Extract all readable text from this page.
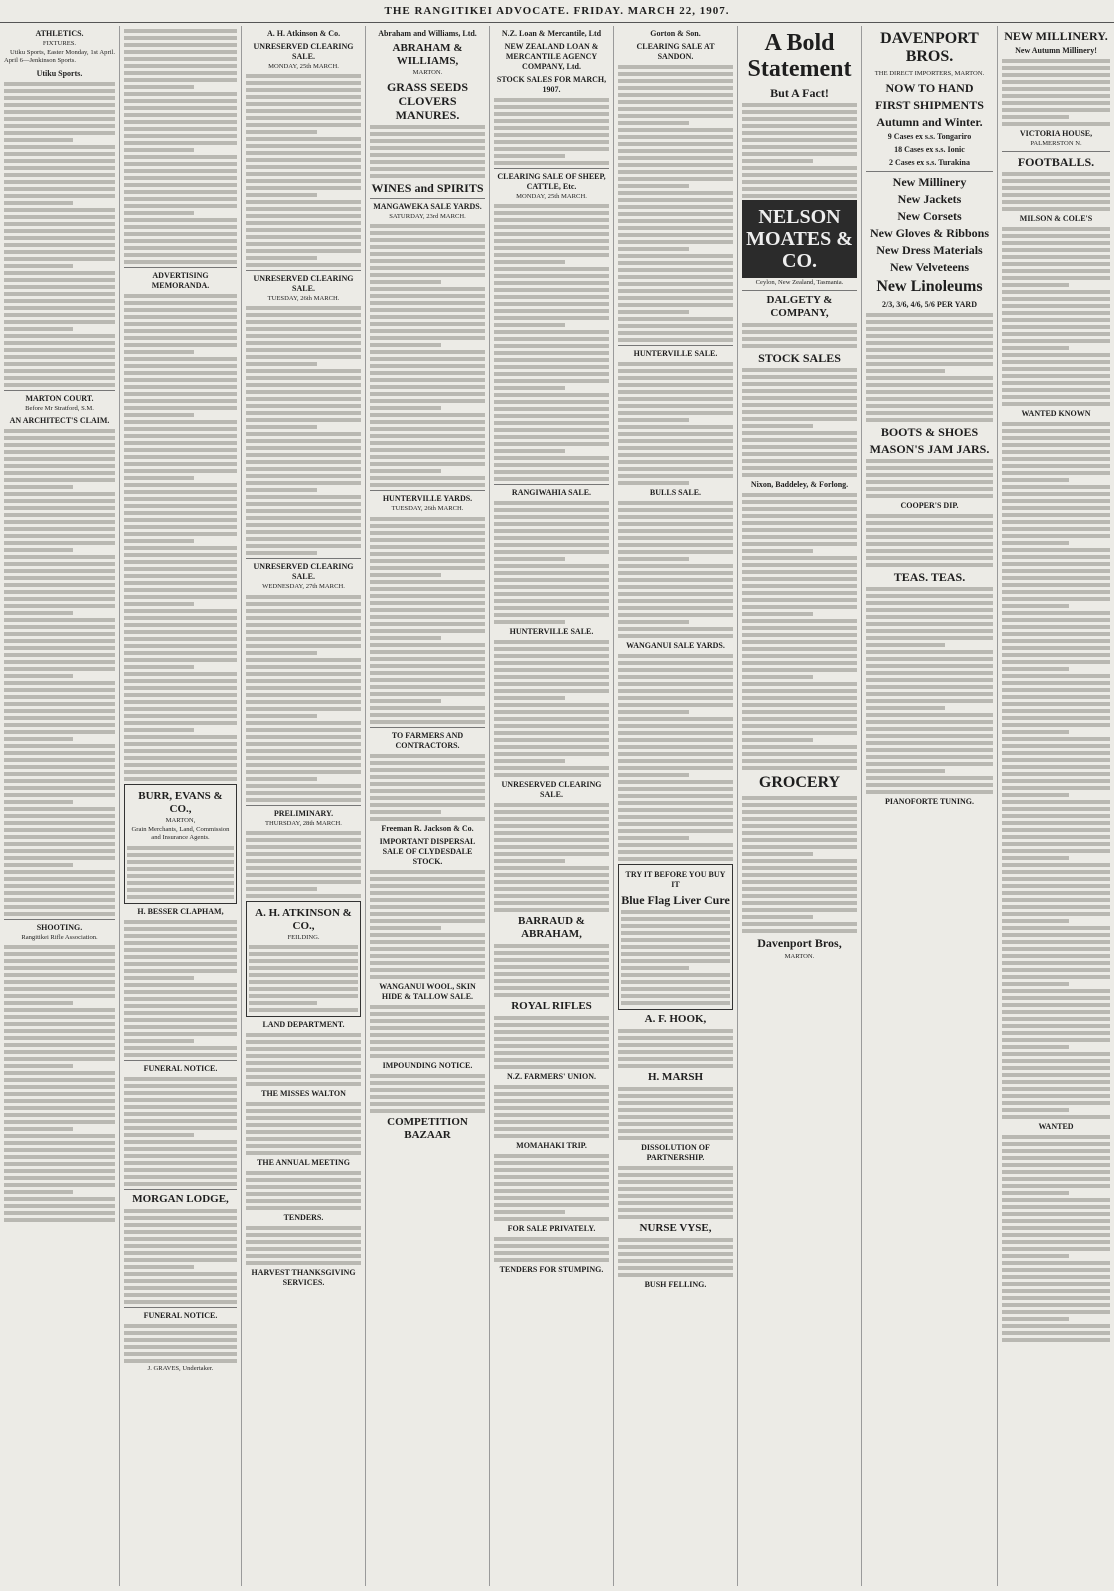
THE RANGITIKEI ADVOCATE. FRIDAY. MARCH 22, 1907.
ATHLETICS.
FIXTURES.

Utiku Sports, Easter Monday, 1st April. April 6—Jenkinson Sports.

Utiku Sports.
MARTON COURT.
Before Mr Stratford, S.M.
AN ARCHITECT'S CLAIM.
SHOOTING.
Rangitikei Rifle Association.
ADVERTISING MEMORANDA.
BURR, EVANS & CO.,
MARTON,
Grain Merchants, Land, Commission and Insurance Agents.
H. BESSER CLAPHAM,
FUNERAL NOTICE.
MORGAN LODGE,
FUNERAL NOTICE.
J. GRAVES, Undertaker.
A. H. Atkinson & Co.
UNRESERVED CLEARING SALE.
MONDAY, 25th MARCH.
UNRESERVED CLEARING SALE.
TUESDAY, 26th MARCH.
UNRESERVED CLEARING SALE.
WEDNESDAY, 27th MARCH.
PRELIMINARY.
THURSDAY, 28th MARCH.
A. H. ATKINSON & CO.,
FEILDING.
LAND DEPARTMENT.
THE MISSES WALTON
THE ANNUAL MEETING
TENDERS.
HARVEST THANKSGIVING SERVICES.
Abraham and Williams, Ltd.
ABRAHAM & WILLIAMS,
MARTON.
GRASS SEEDS CLOVERS MANURES.
WINES and SPIRITS
MANGAWEKA SALE YARDS.
SATURDAY, 23rd MARCH.
HUNTERVILLE YARDS.
TUESDAY, 26th MARCH.
TO FARMERS AND CONTRACTORS.
Freeman R. Jackson & Co.
IMPORTANT DISPERSAL SALE OF CLYDESDALE STOCK.
WANGANUI WOOL, SKIN HIDE & TALLOW SALE.
IMPOUNDING NOTICE.
COMPETITION BAZAAR
N.Z. Loan & Mercantile, Ltd
NEW ZEALAND LOAN & MERCANTILE AGENCY COMPANY, Ltd.
STOCK SALES FOR MARCH, 1907.
CLEARING SALE OF SHEEP, CATTLE, Etc.
MONDAY, 25th MARCH.
RANGIWAHIA SALE.
HUNTERVILLE SALE.
UNRESERVED CLEARING SALE.
BARRAUD & ABRAHAM,
ROYAL RIFLES
N.Z. FARMERS' UNION.
MOMAHAKI TRIP.
FOR SALE PRIVATELY.
TENDERS FOR STUMPING.
Gorton & Son.
CLEARING SALE AT SANDON.
HUNTERVILLE SALE.
BULLS SALE.
WANGANUI SALE YARDS.
TRY IT BEFORE YOU BUY IT
Blue Flag Liver Cure
A. F. HOOK,
H. MARSH
DISSOLUTION OF PARTNERSHIP.
NURSE VYSE,
BUSH FELLING.
A Bold Statement
But A Fact!
NELSON MOATES & CO.
Ceylon, New Zealand, Tasmania.
DALGETY & COMPANY,
STOCK SALES
Nixon, Baddeley, & Forlong.
GROCERY
Davenport Bros,
MARTON.
DAVENPORT BROS.
THE DIRECT IMPORTERS, MARTON.
NOW TO HAND
FIRST SHIPMENTS
Autumn and Winter.
9 Cases ex s.s. Tongariro
18 Cases ex s.s. Ionic
2 Cases ex s.s. Turakina
New Millinery
New Jackets
New Corsets
New Gloves & Ribbons
New Dress Materials
New Velveteens
New Linoleums
2/3, 3/6, 4/6, 5/6 PER YARD
BOOTS & SHOES
MASON'S JAM JARS.
COOPER'S DIP.
TEAS. TEAS.
PIANOFORTE TUNING.
NEW MILLINERY.
New Autumn Millinery!
VICTORIA HOUSE,
PALMERSTON N.
FOOTBALLS.
MILSON & COLE'S
WANTED KNOWN
WANTED
